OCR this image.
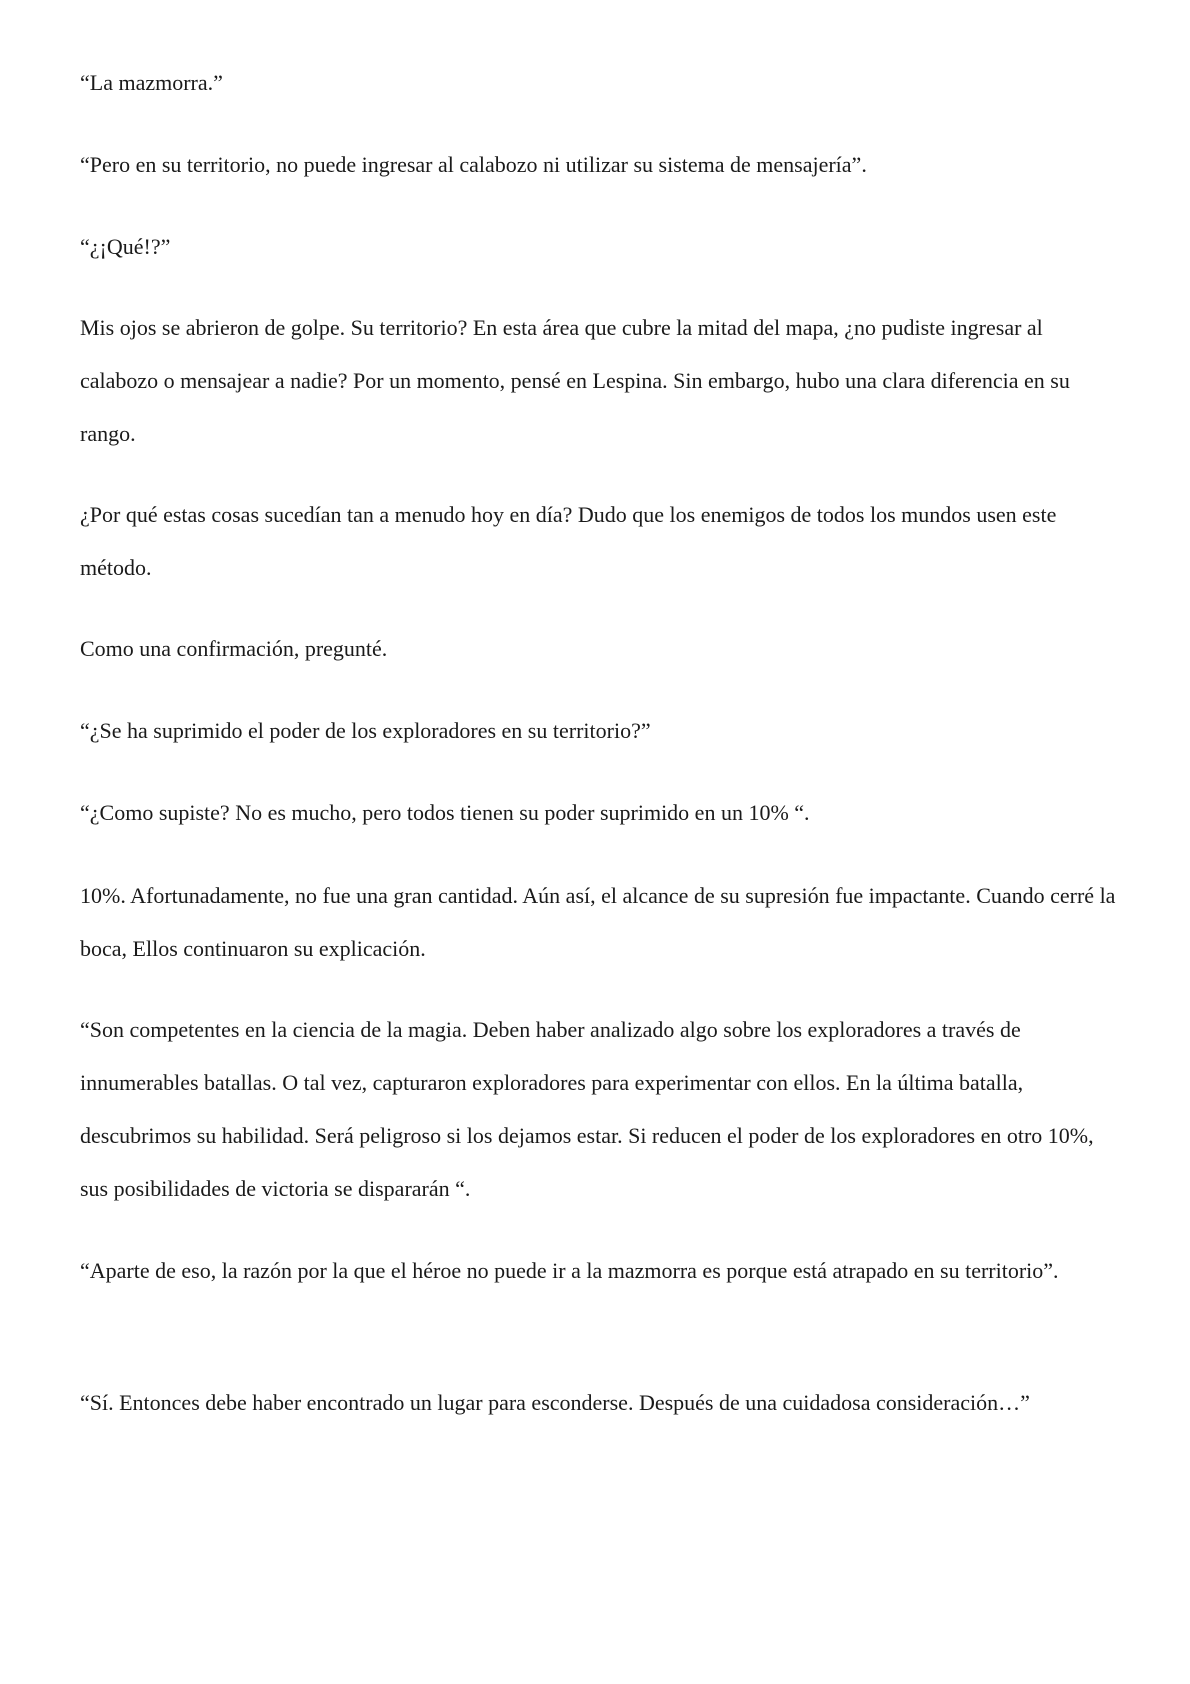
“La mazmorra.”

“Pero en su territorio, no puede ingresar al calabozo ni utilizar su sistema de mensajería”.

“¿¡Qué!?”

Mis ojos se abrieron de golpe. Su territorio? En esta área que cubre la mitad del mapa, ¿no pudiste ingresar al calabozo o mensajear a nadie? Por un momento, pensé en Lespina. Sin embargo, hubo una clara diferencia en su rango.

¿Por qué estas cosas sucedían tan a menudo hoy en día? Dudo que los enemigos de todos los mundos usen este método.

Como una confirmación, pregunté.

“¿Se ha suprimido el poder de los exploradores en su territorio?”

“¿Como supiste? No es mucho, pero todos tienen su poder suprimido en un 10% “.

10%. Afortunadamente, no fue una gran cantidad. Aún así, el alcance de su supresión fue impactante. Cuando cerré la boca, Ellos continuaron su explicación.

“Son competentes en la ciencia de la magia. Deben haber analizado algo sobre los exploradores a través de innumerables batallas. O tal vez, capturaron exploradores para experimentar con ellos. En la última batalla, descubrimos su habilidad. Será peligroso si los dejamos estar. Si reducen el poder de los exploradores en otro 10%, sus posibilidades de victoria se dispararán “.

“Aparte de eso, la razón por la que el héroe no puede ir a la mazmorra es porque está atrapado en su territorio”.

“Sí. Entonces debe haber encontrado un lugar para esconderse. Después de una cuidadosa consideración…”
